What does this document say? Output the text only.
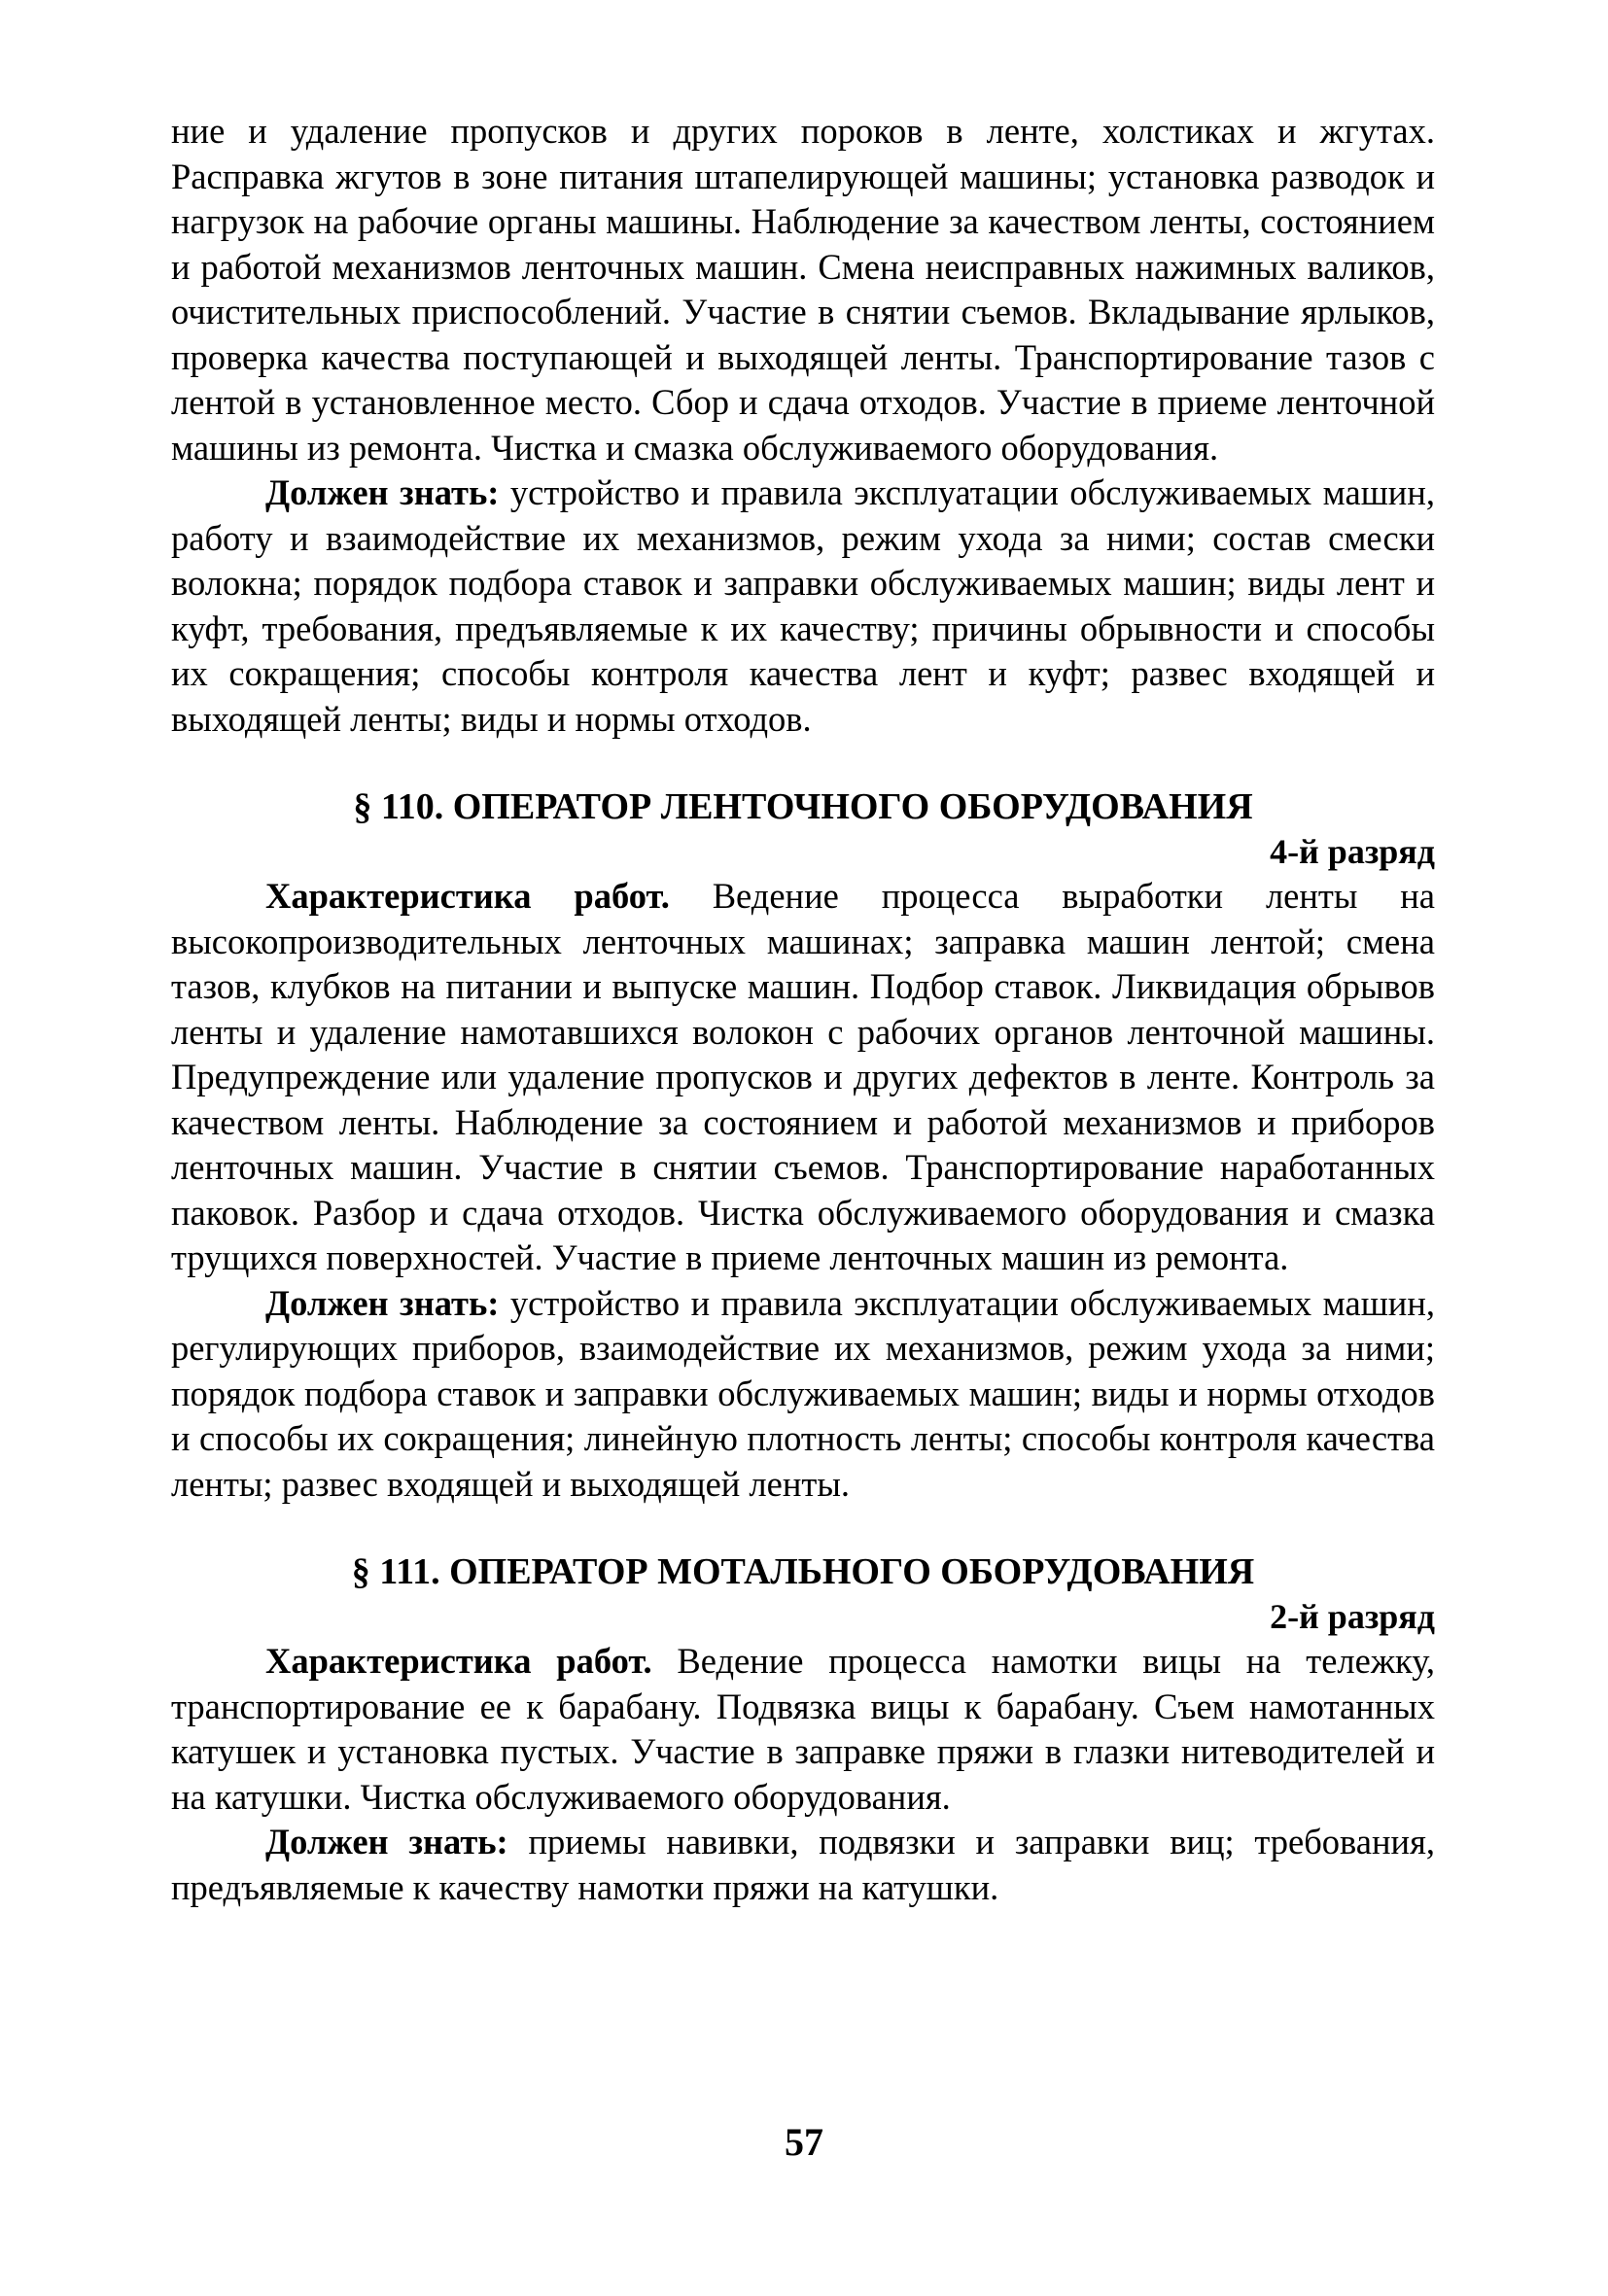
ние и удаление пропусков и других пороков в ленте, холстиках и жгутах. Расправка жгутов в зоне питания штапелирующей машины; установка разводок и нагрузок на рабочие органы машины. Наблюдение за качеством ленты, состоянием и работой механизмов ленточных машин. Смена неисправных нажимных валиков, очистительных приспособлений. Участие в снятии съемов. Вкладывание ярлыков, проверка качества поступающей и выходящей ленты. Транспортирование тазов с лентой в установленное место. Сбор и сдача отходов. Участие в приеме ленточной машины из ремонта. Чистка и смазка обслуживаемого оборудования.

Должен знать: устройство и правила эксплуатации обслуживаемых машин, работу и взаимодействие их механизмов, режим ухода за ними; состав смески волокна; порядок подбора ставок и заправки обслуживаемых машин; виды лент и куфт, требования, предъявляемые к их качеству; причины обрывности и способы их сокращения; способы контроля качества лент и куфт; развес входящей и выходящей ленты; виды и нормы отходов.

§ 110. ОПЕРАТОР ЛЕНТОЧНОГО ОБОРУДОВАНИЯ

4-й разряд

Характеристика работ. Ведение процесса выработки ленты на высокопроизводительных ленточных машинах; заправка машин лентой; смена тазов, клубков на питании и выпуске машин. Подбор ставок. Ликвидация обрывов ленты и удаление намотавшихся волокон с рабочих органов ленточной машины. Предупреждение или удаление пропусков и других дефектов в ленте. Контроль за качеством ленты. Наблюдение за состоянием и работой механизмов и приборов ленточных машин. Участие в снятии съемов. Транспортирование наработанных паковок. Разбор и сдача отходов. Чистка обслуживаемого оборудования и смазка трущихся поверхностей. Участие в приеме ленточных машин из ремонта.

Должен знать: устройство и правила эксплуатации обслуживаемых машин, регулирующих приборов, взаимодействие их механизмов, режим ухода за ними; порядок подбора ставок и заправки обслуживаемых машин; виды и нормы отходов и способы их сокращения; линейную плотность ленты; способы контроля качества ленты; развес входящей и выходящей ленты.

§ 111. ОПЕРАТОР МОТАЛЬНОГО ОБОРУДОВАНИЯ

2-й разряд

Характеристика работ. Ведение процесса намотки вицы на тележку, транспортирование ее к барабану. Подвязка вицы к барабану. Съем намотанных катушек и установка пустых. Участие в заправке пряжи в глазки нитеводителей и на катушки. Чистка обслуживаемого оборудования.

Должен знать: приемы навивки, подвязки и заправки виц; требования, предъявляемые к качеству намотки пряжи на катушки.

57
